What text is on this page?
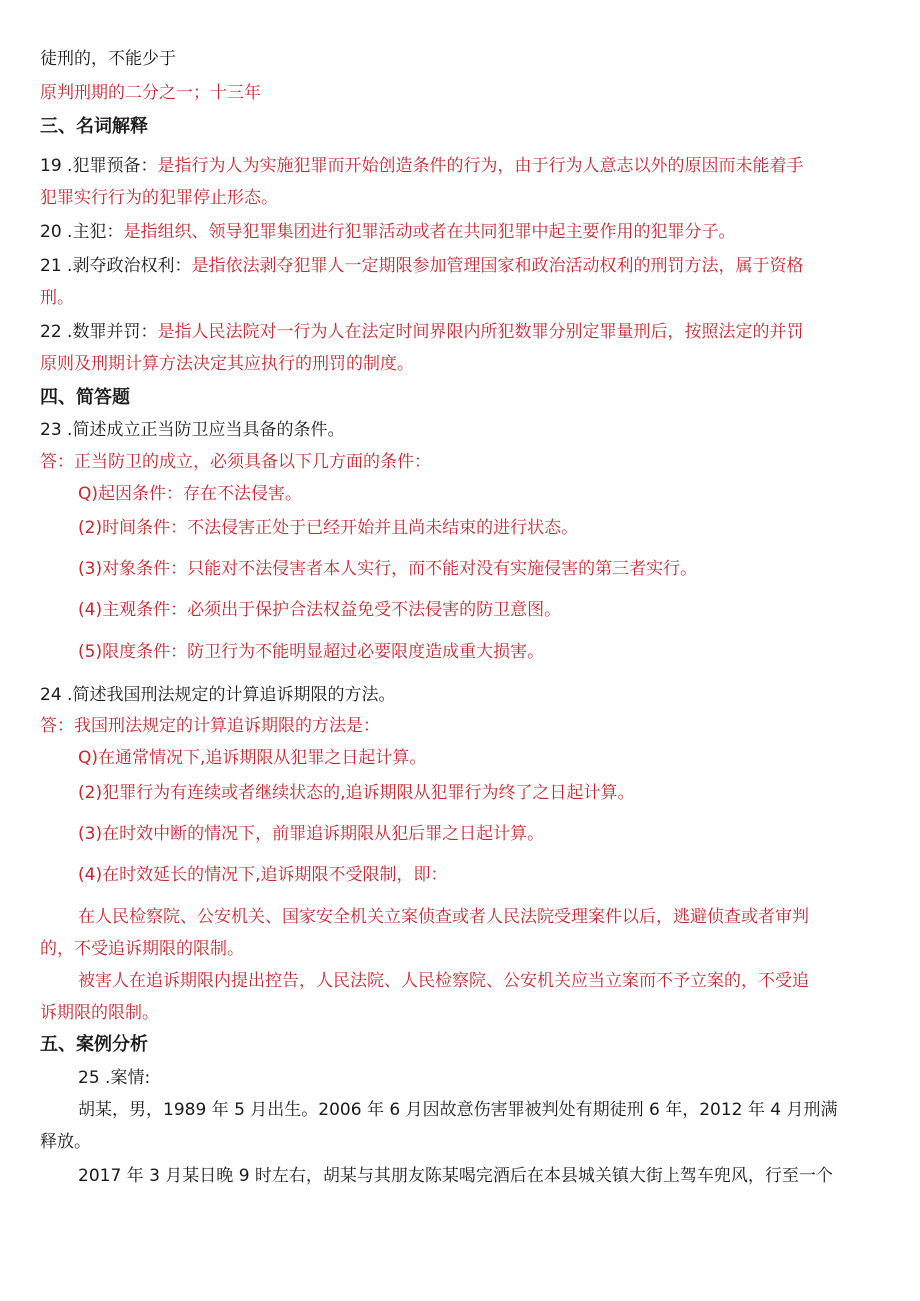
徒刑的，不能少于
原判刑期的二分之一；十三年
三、名词解释
19 .犯罪预备：是指行为人为实施犯罪而开始创造条件的行为，由于行为人意志以外的原因而未能着手
犯罪实行行为的犯罪停止形态。
20 .主犯：是指组织、领导犯罪集团进行犯罪活动或者在共同犯罪中起主要作用的犯罪分子。
21 .剥夺政治权利：是指依法剥夺犯罪人一定期限参加管理国家和政治活动权利的刑罚方法，属于资格
刑。
22 .数罪并罚：是指人民法院对一行为人在法定时间界限内所犯数罪分别定罪量刑后，按照法定的并罚
原则及刑期计算方法决定其应执行的刑罚的制度。
四、简答题
23 .简述成立正当防卫应当具备的条件。
答：正当防卫的成立，必须具备以下几方面的条件：
Q)起因条件：存在不法侵害。
(2)时间条件：不法侵害正处于已经开始并且尚未结束的进行状态。
(3)对象条件：只能对不法侵害者本人实行，而不能对没有实施侵害的第三者实行。
(4)主观条件：必须出于保护合法权益免受不法侵害的防卫意图。
(5)限度条件：防卫行为不能明显超过必要限度造成重大损害。
24 .简述我国刑法规定的计算追诉期限的方法。
答：我国刑法规定的计算追诉期限的方法是：
Q)在通常情况下,追诉期限从犯罪之日起计算。
(2)犯罪行为有连续或者继续状态的,追诉期限从犯罪行为终了之日起计算。
(3)在时效中断的情况下，前罪追诉期限从犯后罪之日起计算。
(4)在时效延长的情况下,追诉期限不受限制，即：
在人民检察院、公安机关、国家安全机关立案侦查或者人民法院受理案件以后，逃避侦查或者审判
的，不受追诉期限的限制。
被害人在追诉期限内提出控告，人民法院、人民检察院、公安机关应当立案而不予立案的，不受追
诉期限的限制。
五、案例分析
25 .案情:
胡某，男，1989 年 5 月出生。2006 年 6 月因故意伤害罪被判处有期徒刑 6 年，2012 年 4 月刑满
释放。
2017 年 3 月某日晚 9 时左右，胡某与其朋友陈某喝完酒后在本县城关镇大街上驾车兜风，行至一个
